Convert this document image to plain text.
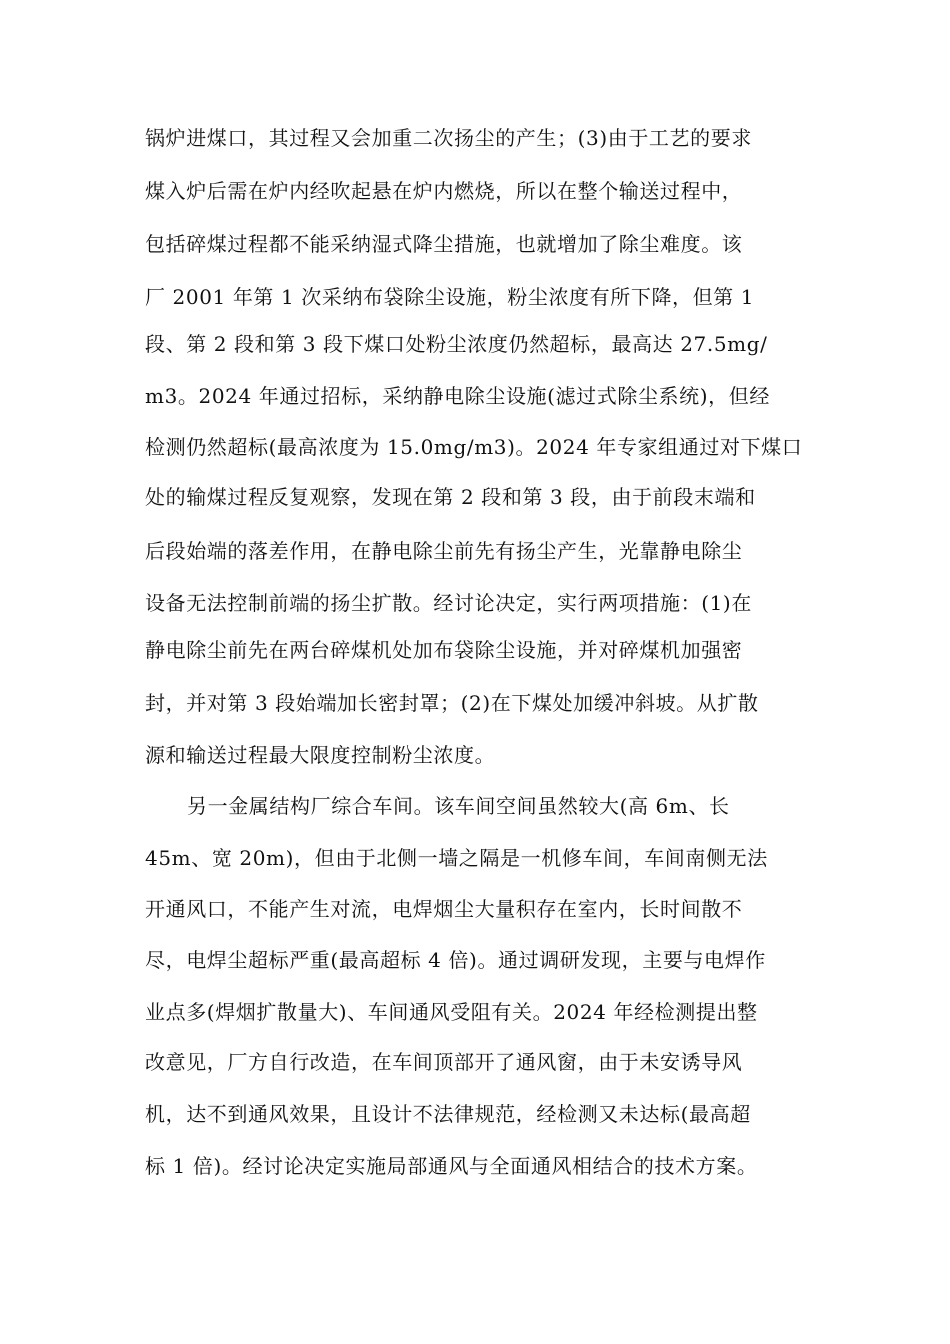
锅炉进煤口，其过程又会加重二次扬尘的产生；(3)由于工艺的要求
煤入炉后需在炉内经吹起悬在炉内燃烧，所以在整个输送过程中，
包括碎煤过程都不能采纳湿式降尘措施，也就增加了除尘难度。该
厂 2001 年第 1 次采纳布袋除尘设施，粉尘浓度有所下降，但第 1
段、第 2 段和第 3 段下煤口处粉尘浓度仍然超标，最高达 27.5mg/
m3。2024 年通过招标，采纳静电除尘设施(滤过式除尘系统)，但经
检测仍然超标(最高浓度为 15.0mg/m3)。2024 年专家组通过对下煤口
处的输煤过程反复观察，发现在第 2 段和第 3 段，由于前段末端和
后段始端的落差作用，在静电除尘前先有扬尘产生，光靠静电除尘
设备无法控制前端的扬尘扩散。经讨论决定，实行两项措施：(1)在
静电除尘前先在两台碎煤机处加布袋除尘设施，并对碎煤机加强密
封，并对第 3 段始端加长密封罩；(2)在下煤处加缓冲斜坡。从扩散
源和输送过程最大限度控制粉尘浓度。
另一金属结构厂综合车间。该车间空间虽然较大(高 6m、长
45m、宽 20m)，但由于北侧一墙之隔是一机修车间，车间南侧无法
开通风口，不能产生对流，电焊烟尘大量积存在室内，长时间散不
尽，电焊尘超标严重(最高超标 4 倍)。通过调研发现，主要与电焊作
业点多(焊烟扩散量大)、车间通风受阻有关。2024 年经检测提出整
改意见，厂方自行改造，在车间顶部开了通风窗，由于未安诱导风
机，达不到通风效果，且设计不法律规范，经检测又未达标(最高超
标 1 倍)。经讨论决定实施局部通风与全面通风相结合的技术方案。
